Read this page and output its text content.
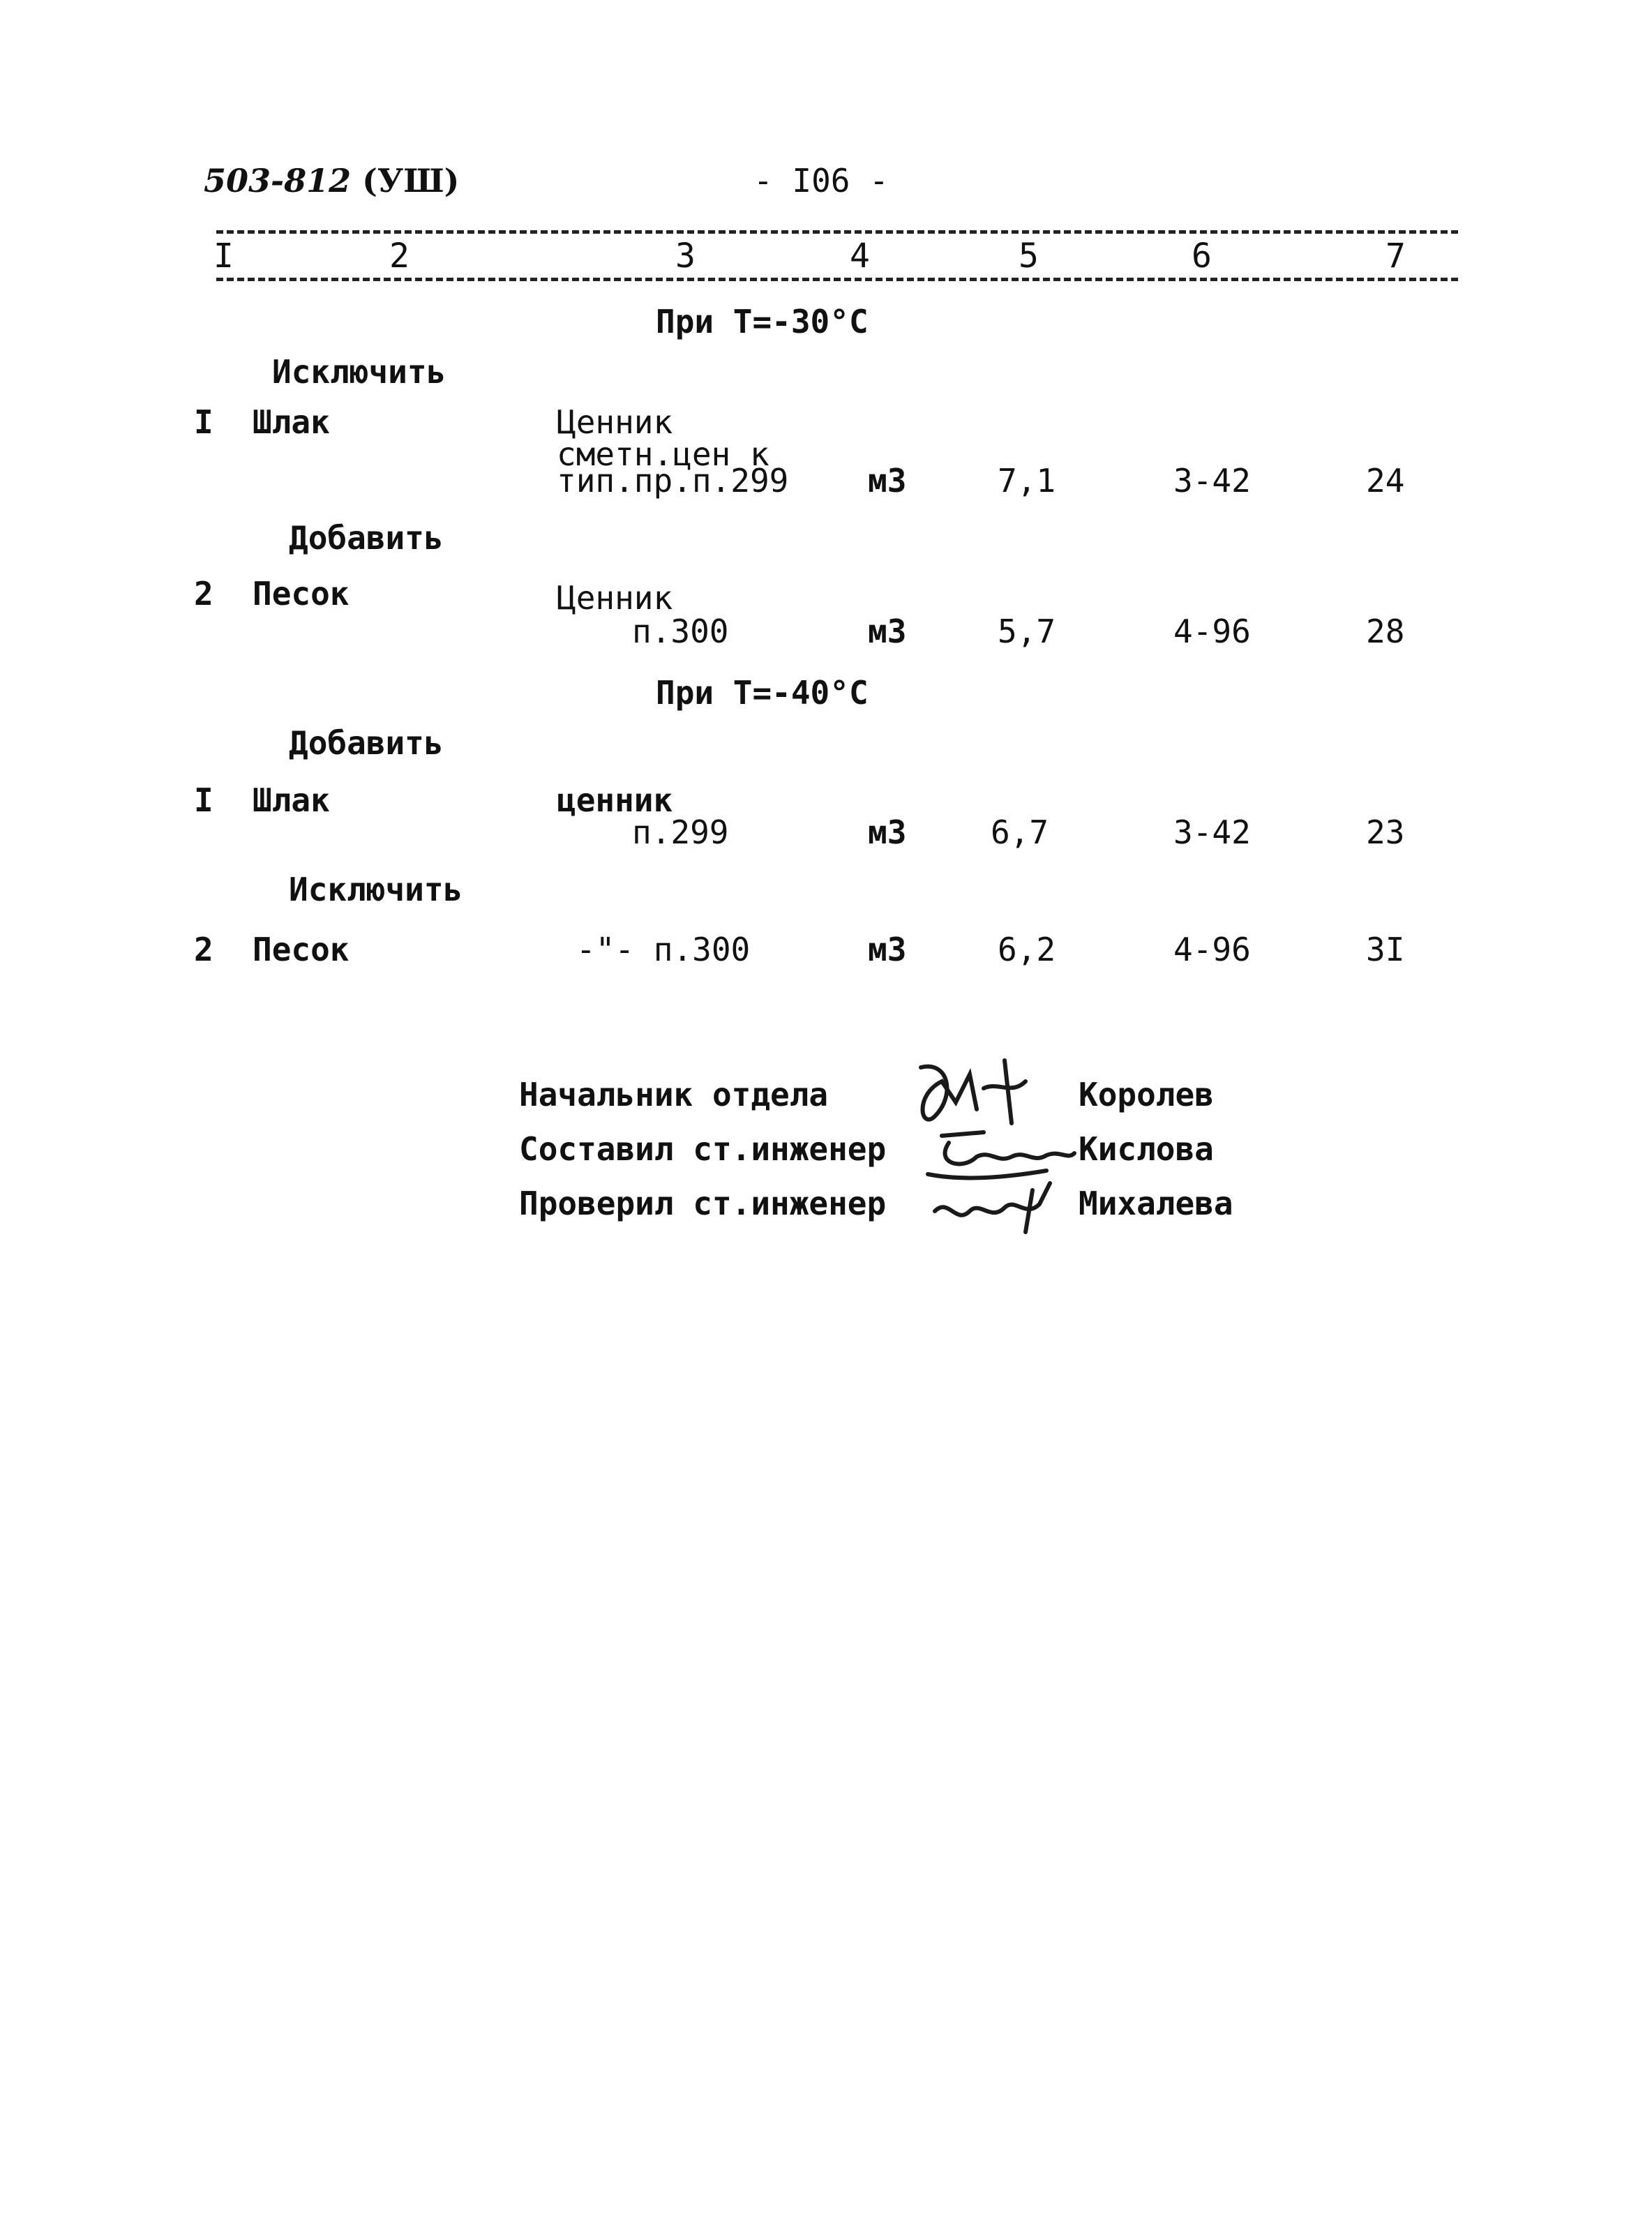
503-812 (УШ)	- I06 -
I	2	3	4	5	6	7
При Т=-30°C
Исключить
I Шлак	Ценник
сметн.цен к
тип.пр.п.299 м3	7,1	3-42	24
Добавить
2 Песок	Ценник
п.300	м3	5,7	4-96	28
При Т=-40°C
Добавить
I Шлак	ценник
п.299	м3	6,7	3-42	23
Исключить
2 Песок	-"- п.300	м3	6,2	4-96	3I
Начальник отдела	Королев
Составил ст.инженер	Кислова
Проверил ст.инженер	Михалева
